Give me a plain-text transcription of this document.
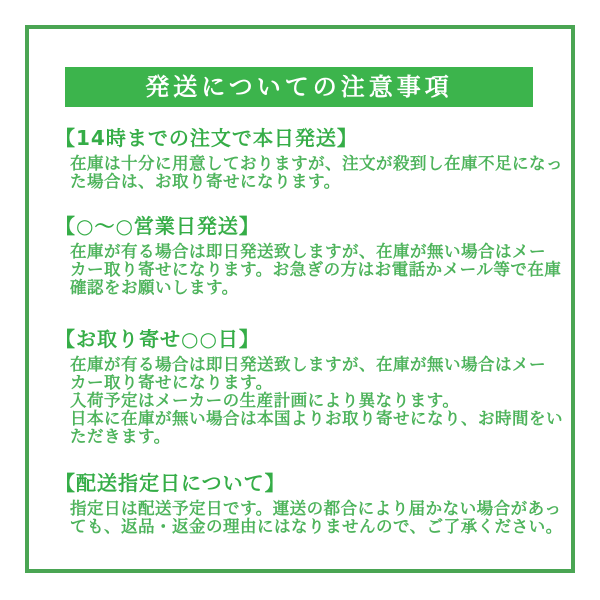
発送についての注意事項
【14時までの注文で本日発送】
在庫は十分に用意しておりますが、注文が殺到し在庫不足になっ
た場合は、お取り寄せになります。
【○〜○営業日発送】
在庫が有る場合は即日発送致しますが、在庫が無い場合はメー
カー取り寄せになります。お急ぎの方はお電話かメール等で在庫
確認をお願いします。
【お取り寄せ○○日】
在庫が有る場合は即日発送致しますが、在庫が無い場合はメー
カー取り寄せになります。
入荷予定はメーカーの生産計画により異なります。
日本に在庫が無い場合は本国よりお取り寄せになり、お時間をい
ただきます。
【配送指定日について】
指定日は配送予定日です。運送の都合により届かない場合があっ
ても、返品・返金の理由にはなりませんので、ご了承ください。
